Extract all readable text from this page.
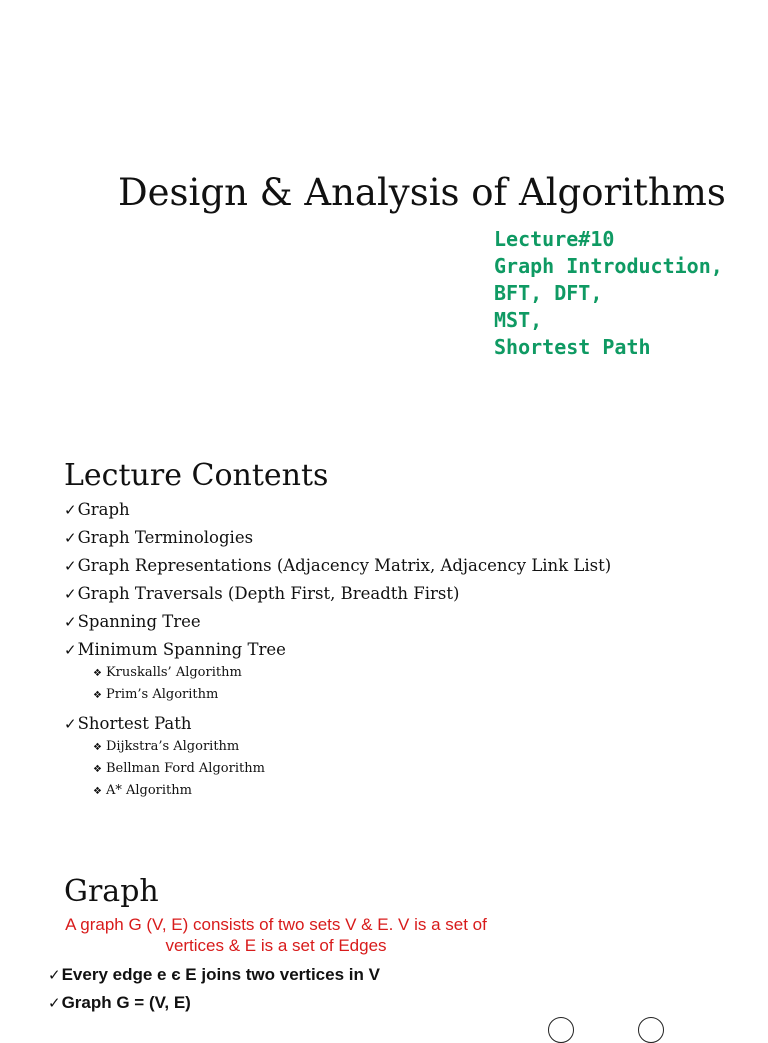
Design & Analysis of Algorithms
Lecture#10
Graph Introduction,
BFT, DFT,
MST,
Shortest Path
Lecture Contents
✓Graph
✓Graph Terminologies
✓Graph Representations (Adjacency Matrix, Adjacency Link List)
✓Graph Traversals (Depth First, Breadth First)
✓Spanning Tree
✓Minimum Spanning Tree
❖ Kruskalls’ Algorithm
❖ Prim’s Algorithm
✓Shortest Path
❖ Dijkstra’s Algorithm
❖ Bellman Ford Algorithm
❖ A* Algorithm
Graph

A graph G (V, E) consists of two sets V & E. V is a set of vertices & E is a set of Edges

✓Every edge e є E joins two vertices in V
✓Graph G = (V, E)
